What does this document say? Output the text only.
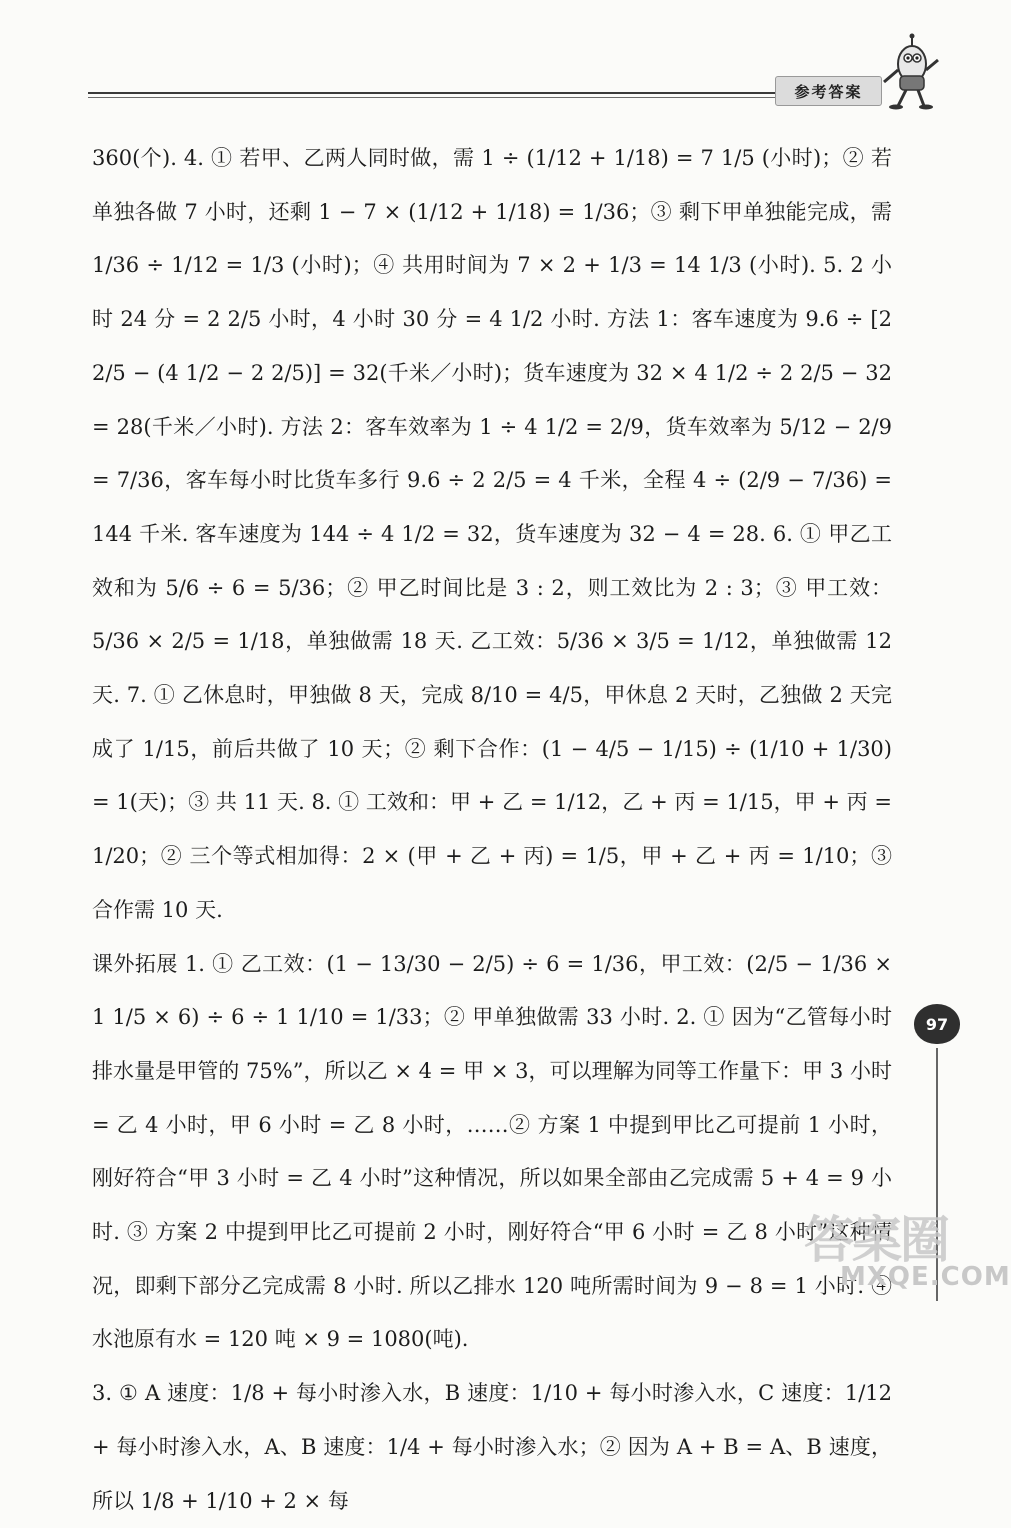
参考答案

360(个). 4. ① 若甲、乙两人同时做，需 1 ÷ (1/12 + 1/18) = 7 1/5 (小时)；② 若单独各做 7 小时，还剩 1 − 7 × (1/12 + 1/18) = 1/36；③ 剩下甲单独能完成，需 1/36 ÷ 1/12 = 1/3 (小时)；④ 共用时间为 7 × 2 + 1/3 = 14 1/3 (小时). 5. 2 小时 24 分 = 2 2/5 小时，4 小时 30 分 = 4 1/2 小时. 方法 1：客车速度为 9.6 ÷ [2 2/5 − (4 1/2 − 2 2/5)] = 32(千米／小时)；货车速度为 32 × 4 1/2 ÷ 2 2/5 − 32 = 28(千米／小时). 方法 2：客车效率为 1 ÷ 4 1/2 = 2/9，货车效率为 5/12 − 2/9 = 7/36，客车每小时比货车多行 9.6 ÷ 2 2/5 = 4 千米，全程 4 ÷ (2/9 − 7/36) = 144 千米. 客车速度为 144 ÷ 4 1/2 = 32，货车速度为 32 − 4 = 28. 6. ① 甲乙工效和为 5/6 ÷ 6 = 5/36；② 甲乙时间比是 3 : 2，则工效比为 2 : 3；③ 甲工效：5/36 × 2/5 = 1/18，单独做需 18 天. 乙工效：5/36 × 3/5 = 1/12，单独做需 12 天. 7. ① 乙休息时，甲独做 8 天，完成 8/10 = 4/5，甲休息 2 天时，乙独做 2 天完成了 1/15，前后共做了 10 天；② 剩下合作：(1 − 4/5 − 1/15) ÷ (1/10 + 1/30) = 1(天)；③ 共 11 天. 8. ① 工效和：甲 + 乙 = 1/12，乙 + 丙 = 1/15，甲 + 丙 = 1/20；② 三个等式相加得：2 × (甲 + 乙 + 丙) = 1/5，甲 + 乙 + 丙 = 1/10；③ 合作需 10 天.

课外拓展 1. ① 乙工效：(1 − 13/30 − 2/5) ÷ 6 = 1/36，甲工效：(2/5 − 1/36 × 1 1/5 × 6) ÷ 6 ÷ 1 1/10 = 1/33；② 甲单独做需 33 小时. 2. ① 因为“乙管每小时排水量是甲管的 75%”，所以乙 × 4 = 甲 × 3，可以理解为同等工作量下：甲 3 小时 = 乙 4 小时，甲 6 小时 = 乙 8 小时，……② 方案 1 中提到甲比乙可提前 1 小时，刚好符合“甲 3 小时 = 乙 4 小时”这种情况，所以如果全部由乙完成需 5 + 4 = 9 小时. ③ 方案 2 中提到甲比乙可提前 2 小时，刚好符合“甲 6 小时 = 乙 8 小时”这种情况，即剩下部分乙完成需 8 小时. 所以乙排水 120 吨所需时间为 9 − 8 = 1 小时. ④ 水池原有水 = 120 吨 × 9 = 1080(吨).

3. ① A 速度：1/8 + 每小时渗入水，B 速度：1/10 + 每小时渗入水，C 速度：1/12 + 每小时渗入水，A、B 速度：1/4 + 每小时渗入水；② 因为 A + B = A、B 速度，所以 1/8 + 1/10 + 2 × 每

97
答案圈
MXQE.COM
